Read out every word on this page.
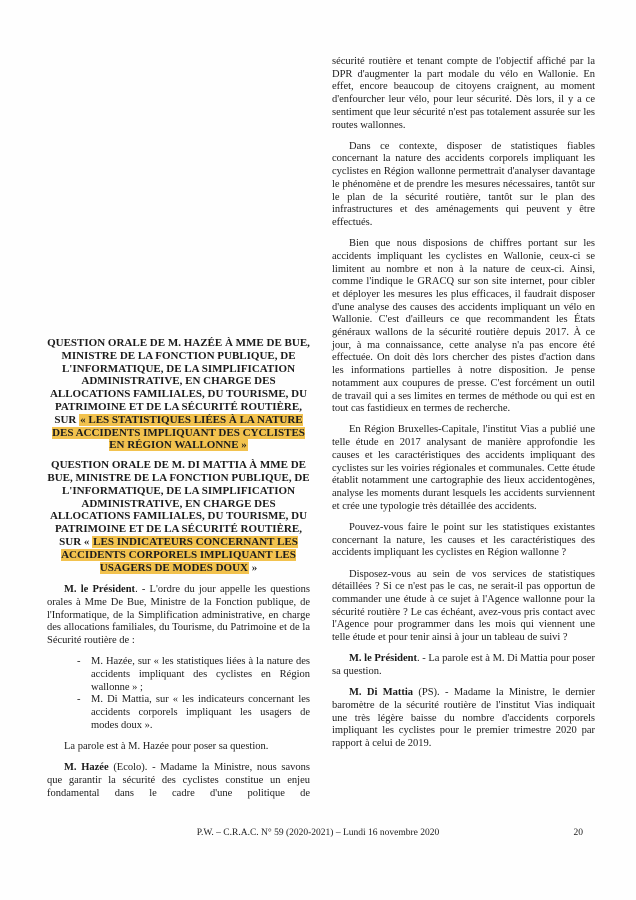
QUESTION ORALE DE M. HAZÉE À MME DE BUE, MINISTRE DE LA FONCTION PUBLIQUE, DE L'INFORMATIQUE, DE LA SIMPLIFICATION ADMINISTRATIVE, EN CHARGE DES ALLOCATIONS FAMILIALES, DU TOURISME, DU PATRIMOINE ET DE LA SÉCURITÉ ROUTIÈRE, SUR « LES STATISTIQUES LIÉES À LA NATURE DES ACCIDENTS IMPLIQUANT DES CYCLISTES EN RÉGION WALLONNE »
QUESTION ORALE DE M. DI MATTIA À MME DE BUE, MINISTRE DE LA FONCTION PUBLIQUE, DE L'INFORMATIQUE, DE LA SIMPLIFICATION ADMINISTRATIVE, EN CHARGE DES ALLOCATIONS FAMILIALES, DU TOURISME, DU PATRIMOINE ET DE LA SÉCURITÉ ROUTIÈRE, SUR « LES INDICATEURS CONCERNANT LES ACCIDENTS CORPORELS IMPLIQUANT LES USAGERS DE MODES DOUX »

M. le Président. - L'ordre du jour appelle les questions orales à Mme De Bue, Ministre de la Fonction publique, de l'Informatique, de la Simplification administrative, en charge des allocations familiales, du Tourisme, du Patrimoine et de la Sécurité routière de :

- M. Hazée, sur « les statistiques liées à la nature des accidents impliquant des cyclistes en Région wallonne » ;
- M. Di Mattia, sur « les indicateurs concernant les accidents corporels impliquant les usagers de modes doux ».

La parole est à M. Hazée pour poser sa question.

M. Hazée (Ecolo). - Madame la Ministre, nous savons que garantir la sécurité des cyclistes constitue un enjeu fondamental dans le cadre d'une politique de

sécurité routière et tenant compte de l'objectif affiché par la DPR d'augmenter la part modale du vélo en Wallonie. En effet, encore beaucoup de citoyens craignent, au moment d'enfourcher leur vélo, pour leur sécurité. Dès lors, il y a ce sentiment que leur sécurité n'est pas totalement assurée sur les routes wallonnes.

Dans ce contexte, disposer de statistiques fiables concernant la nature des accidents corporels impliquant les cyclistes en Région wallonne permettrait d'analyser davantage le phénomène et de prendre les mesures nécessaires, tantôt sur le plan de la sécurité routière, tantôt sur le plan des infrastructures et des aménagements qui peuvent y être effectués.

Bien que nous disposions de chiffres portant sur les accidents impliquant les cyclistes en Wallonie, ceux-ci se limitent au nombre et non à la nature de ceux-ci. Ainsi, comme l'indique le GRACQ sur son site internet, pour cibler et déployer les mesures les plus efficaces, il faudrait disposer d'une analyse des causes des accidents impliquant un vélo en Wallonie. C'est d'ailleurs ce que recommandent les États généraux wallons de la sécurité routière depuis 2017. À ce jour, à ma connaissance, cette analyse n'a pas encore été effectuée. On doit dès lors chercher des pistes d'action dans les informations partielles à notre disposition. Je pense notamment aux coupures de presse. C'est forcément un outil de travail qui a ses limites en termes de méthode ou qui est en tout cas fastidieux en termes de recherche.

En Région Bruxelles-Capitale, l'institut Vias a publié une telle étude en 2017 analysant de manière approfondie les causes et les caractéristiques des accidents impliquant des cyclistes sur les voiries régionales et communales. Cette étude établit notamment une cartographie des lieux accidentogènes, analyse les moments durant lesquels les accidents surviennent et crée une typologie très détaillée des accidents.

Pouvez-vous faire le point sur les statistiques existantes concernant la nature, les causes et les caractéristiques des accidents impliquant les cyclistes en Région wallonne ?

Disposez-vous au sein de vos services de statistiques détaillées ? Si ce n'est pas le cas, ne serait-il pas opportun de commander une étude à ce sujet à l'Agence wallonne pour la sécurité routière ? Le cas échéant, avez-vous pris contact avec l'Agence pour programmer dans les mois qui viennent une telle étude et pour tenir ainsi à jour un tableau de suivi ?

M. le Président. - La parole est à M. Di Mattia pour poser sa question.

M. Di Mattia (PS). - Madame la Ministre, le dernier baromètre de la sécurité routière de l'institut Vias indiquait une très légère baisse du nombre d'accidents corporels impliquant les cyclistes pour le premier trimestre 2020 par rapport à celui de 2019.

P.W. – C.R.A.C. N° 59 (2020-2021) – Lundi 16 novembre 2020	20
